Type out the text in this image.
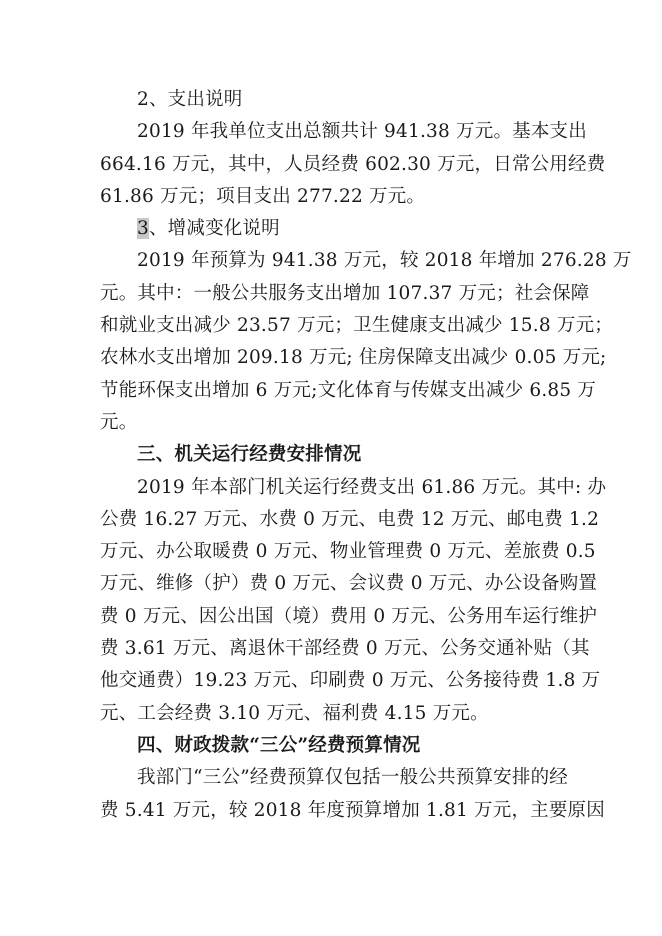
2、支出说明
2019 年我单位支出总额共计 941.38 万元。基本支出
664.16 万元，其中，人员经费 602.30 万元，日常公用经费
61.86 万元；项目支出 277.22 万元。
3、增减变化说明
2019 年预算为 941.38 万元，较 2018 年增加 276.28 万
元。其中：一般公共服务支出增加 107.37 万元；社会保障
和就业支出减少 23.57 万元；卫生健康支出减少 15.8 万元；
农林水支出增加 209.18 万元; 住房保障支出减少 0.05 万元;
节能环保支出增加 6 万元;文化体育与传媒支出减少 6.85 万
元。
三、机关运行经费安排情况
2019 年本部门机关运行经费支出 61.86 万元。其中: 办
公费 16.27 万元、水费 0 万元、电费 12 万元、邮电费 1.2
万元、办公取暖费 0 万元、物业管理费 0 万元、差旅费 0.5
万元、维修（护）费 0 万元、会议费 0 万元、办公设备购置
费 0 万元、因公出国（境）费用 0 万元、公务用车运行维护
费 3.61 万元、离退休干部经费 0 万元、公务交通补贴（其
他交通费）19.23 万元、印刷费 0 万元、公务接待费 1.8 万
元、工会经费 3.10 万元、福利费 4.15 万元。
四、财政拨款“三公”经费预算情况
我部门“三公”经费预算仅包括一般公共预算安排的经
费 5.41 万元，较 2018 年度预算增加 1.81 万元，主要原因
